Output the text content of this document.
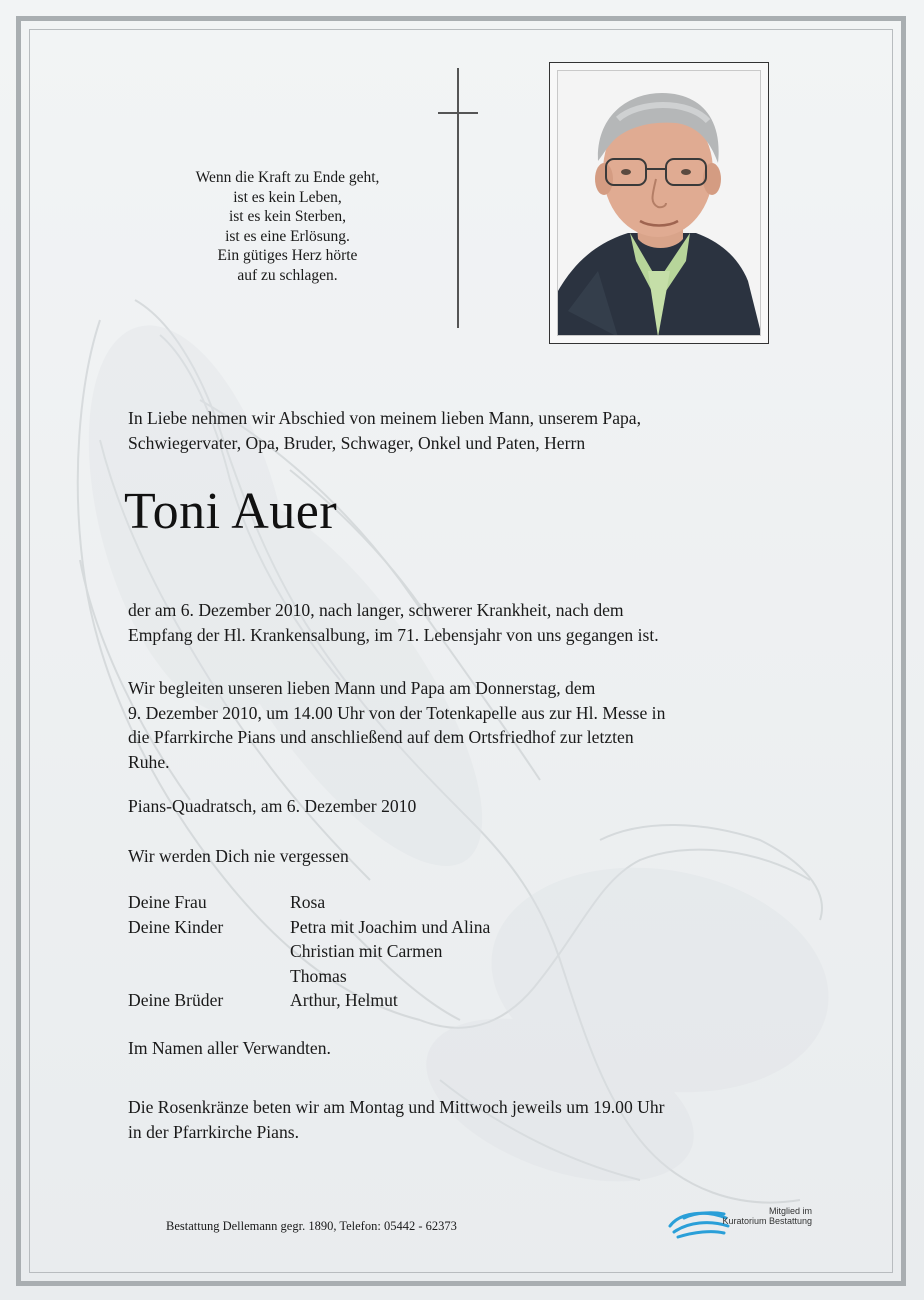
Wenn die Kraft zu Ende geht,
ist es kein Leben,
ist es kein Sterben,
ist es eine Erlösung.
Ein gütiges Herz hörte
auf zu schlagen.

In Liebe nehmen wir Abschied von meinem lieben Mann, unserem Papa,
Schwiegervater, Opa, Bruder, Schwager, Onkel und Paten, Herrn

Toni Auer

der am 6. Dezember 2010, nach langer, schwerer Krankheit, nach dem
Empfang der Hl. Krankensalbung, im 71. Lebensjahr von uns gegangen ist.

Wir begleiten unseren lieben Mann und Papa am Donnerstag, dem
9. Dezember 2010, um 14.00 Uhr von der Totenkapelle aus zur Hl. Messe in
die Pfarrkirche Pians und anschließend auf dem Ortsfriedhof zur letzten
Ruhe.

Pians-Quadratsch, am 6. Dezember 2010

Wir werden Dich nie vergessen

Deine Frau	Rosa
Deine Kinder	Petra mit Joachim und Alina
Christian mit Carmen
Thomas
Deine Brüder	Arthur, Helmut

Im Namen aller Verwandten.

Die Rosenkränze beten wir am Montag und Mittwoch jeweils um 19.00 Uhr
in der Pfarrkirche Pians.

Bestattung Dellemann gegr. 1890, Telefon: 05442 - 62373
Mitglied im
Kuratorium Bestattung
